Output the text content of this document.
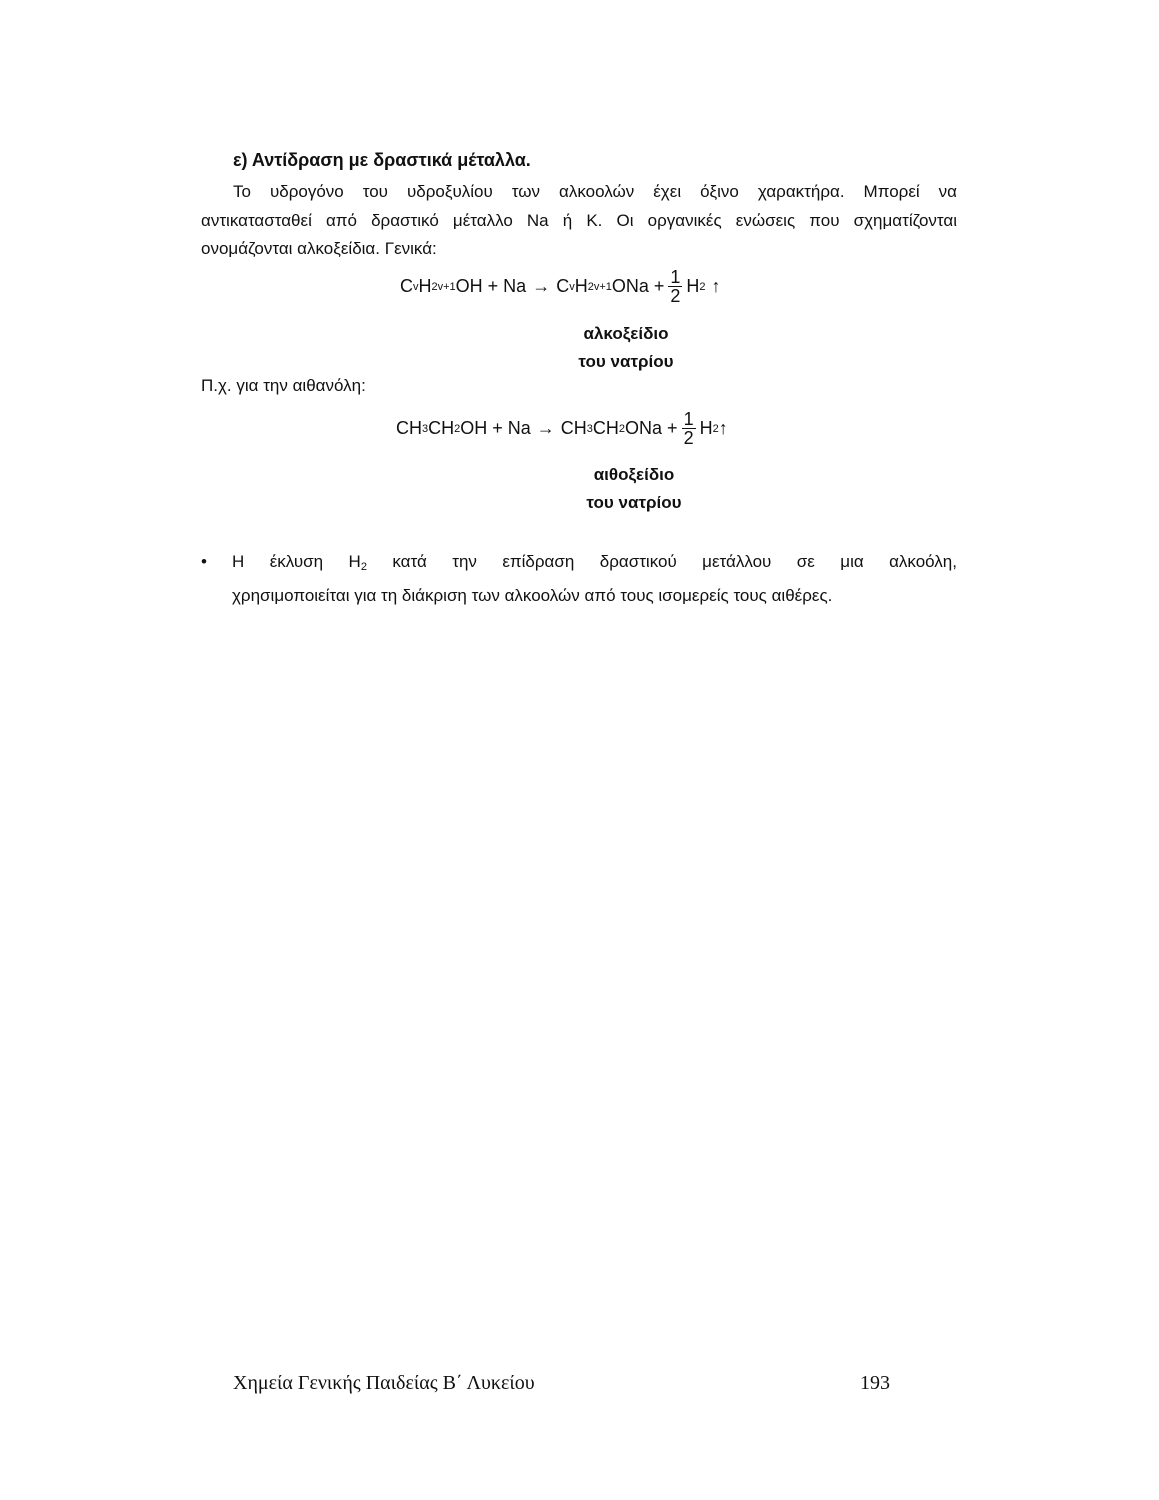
ε) Αντίδραση με δραστικά μέταλλα.
Το υδρογόνο του υδροξυλίου των αλκοολών έχει όξινο χαρακτήρα. Μπορεί να
αντικατασταθεί από δραστικό μέταλλο Na ή K. Οι οργανικές ενώσεις που σχηματίζονται
ονομάζονται αλκοξείδια. Γενικά:
C v H 2v+1 OH + Na → C v H 2v+1 ONa + $\frac{1}{2}$ H 2 ↑
αλκοξείδιο
του νατρίου
Π.χ. για την αιθανόλη:
CH 3 CH 2 OH + Na → CH 3 CH 2 ONa + $\frac{1}{2}$ H 2 ↑
αιθοξείδιο
του νατρίου
• Η έκλυση $H_2$ κατά την επίδραση δραστικού μετάλλου σε μια αλκοόλη,
χρησιμοποιείται για τη διάκριση των αλκοολών από τους ισομερείς τους αιθέρες.
Χημεία Γενικής Παιδείας Β΄ Λυκείου	193
